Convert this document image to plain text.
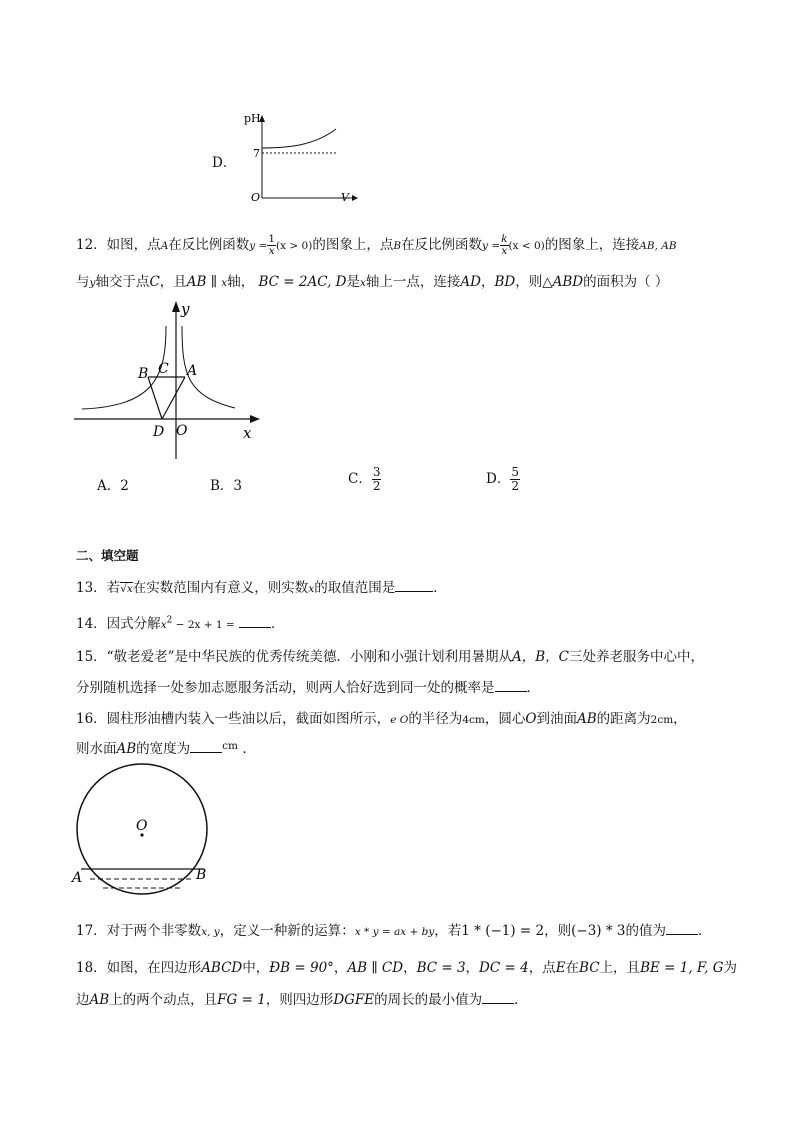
D．
pH
7
O	V
12．如图，点A在反比例函数$y = \frac{1}{x} (x > 0)$的图象上，点B在反比例函数$y = \frac{k}{x} (x < 0)$的图象上，连接AB, AB
与y轴交于点C，且AB ∥ x轴， BC = 2AC, D是x轴上一点，连接AD，BD，则△ABD的面积为（ ）
y
x
B C A
D O
A．2	B．3	C． $\frac{3}{2}$	D． $\frac{5}{2}$
二、填空题
13．若√x在实数范围内有意义，则实数x的取值范围是	．
14．因式分解$x^2 - 2x + 1$ =	．
15．“敬老爱老”是中华民族的优秀传统美德．小刚和小强计划利用暑期从A，B，C三处养老服务中心中，
分别随机选择一处参加志愿服务活动，则两人恰好选到同一处的概率是 ．
16．圆柱形油槽内装入一些油以后，截面如图所示，e O的半径为4cm，圆心O到油面AB的距离为2cm，
则水面AB的宽度为	$^{cm}$ ．
O
A	B
17．对于两个非零数x, y，定义一种新的运算：x * y = ax + by，若1 * (−1) = 2，则(−3) * 3的值为 ．
18．如图，在四边形ABCD中，ÐB = 90°，AB ∥ CD，BC = 3，DC = 4，点E在BC上，且BE = 1, F, G为
边AB上的两个动点，且FG = 1，则四边形DGFE的周长的最小值为 ．
